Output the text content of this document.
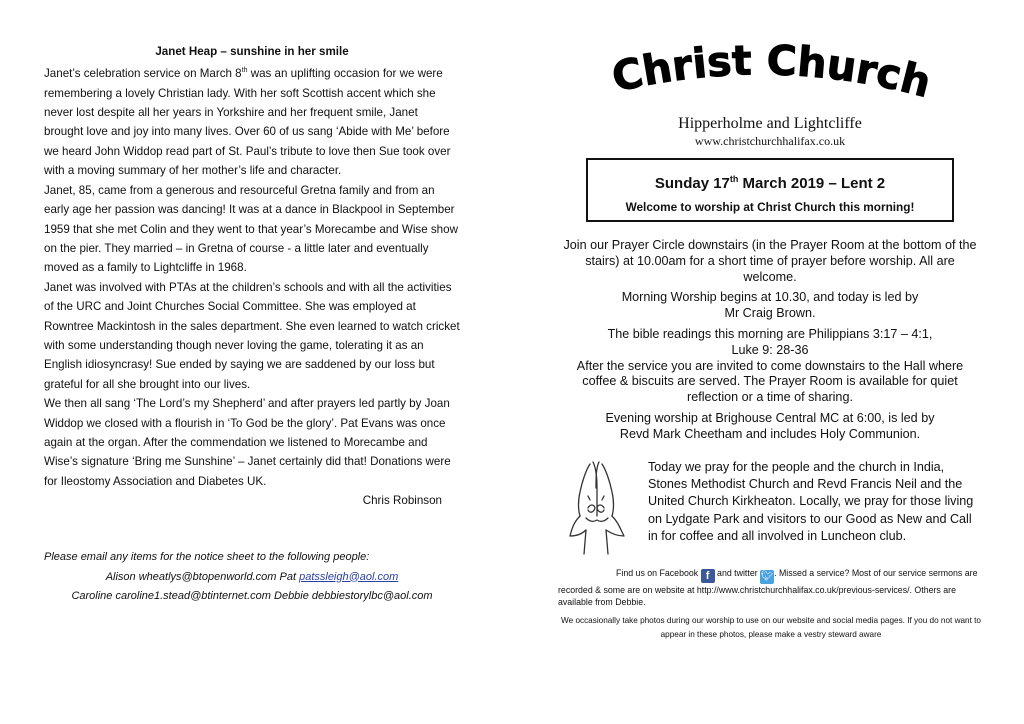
Janet Heap – sunshine in her smile

Janet’s celebration service on March 8th was an uplifting occasion for we were remembering a lovely Christian lady. With her soft Scottish accent which she never lost despite all her years in Yorkshire and her frequent smile, Janet brought love and joy into many lives. Over 60 of us sang ‘Abide with Me’ before we heard John Widdop read part of St. Paul’s tribute to love then Sue took over with a moving summary of her mother’s life and character.

Janet, 85, came from a generous and resourceful Gretna family and from an early age her passion was dancing! It was at a dance in Blackpool in September 1959 that she met Colin and they went to that year’s Morecambe and Wise show on the pier. They married – in Gretna of course - a little later and eventually moved as a family to Lightcliffe in 1968.

Janet was involved with PTAs at the children’s schools and with all the activities of the URC and Joint Churches Social Committee. She was employed at Rowntree Mackintosh in the sales department. She even learned to watch cricket with some understanding though never loving the game, tolerating it as an English idiosyncrasy! Sue ended by saying we are saddened by our loss but grateful for all she brought into our lives.

We then all sang ‘The Lord’s my Shepherd’ and after prayers led partly by Joan Widdop we closed with a flourish in ‘To God be the glory’. Pat Evans was once again at the organ. After the commendation we listened to Morecambe and Wise’s signature ‘Bring me Sunshine’ – Janet certainly did that! Donations were for Ileostomy Association and Diabetes UK.

Chris Robinson

Please email any items for the notice sheet to the following people:
Alison wheatlys@btopenworld.com Pat patssleigh@aol.com
Caroline caroline1.stead@btinternet.com Debbie debbiestorylbc@aol.com
Christ Church
Hipperholme and Lightcliffe
www.christchurchhalifax.co.uk
Sunday 17th March 2019 – Lent 2
Welcome to worship at Christ Church this morning!

Join our Prayer Circle downstairs (in the Prayer Room at the bottom of the stairs) at 10.00am for a short time of prayer before worship. All are welcome.

Morning Worship begins at 10.30, and today is led by
Mr Craig Brown.

The bible readings this morning are Philippians 3:17 – 4:1,
Luke 9: 28-36

After the service you are invited to come downstairs to the Hall where coffee & biscuits are served. The Prayer Room is available for quiet reflection or a time of sharing.

Evening worship at Brighouse Central MC at 6:00, is led by
Revd Mark Cheetham and includes Holy Communion.

Today we pray for the people and the church in India, Stones Methodist Church and Revd Francis Neil and the United Church Kirkheaton. Locally, we pray for those living on Lydgate Park and visitors to our Good as New and Call in for coffee and all involved in Luncheon club.
Find us on Facebook f and twitter 🐦︎. Missed a service? Most of our service sermons are recorded & some are on website at http://www.christchurchhalifax.co.uk/previous-services/. Others are available from Debbie.
We occasionally take photos during our worship to use on our website and social media pages. If you do not want to appear in these photos, please make a vestry steward aware
